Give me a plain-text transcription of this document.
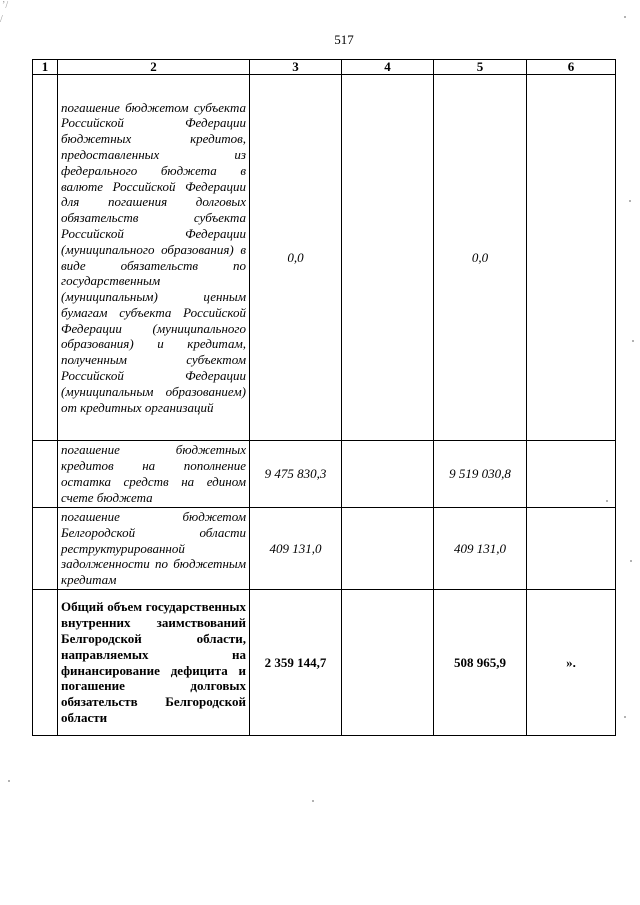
517
ʼ/
/
1	2	3	4	5	6
	погашение бюджетом субъекта Российской Федерации бюджетных кредитов, предоставленных из федерального бюджета в валюте Российской Федерации для погашения долговых обязательств субъекта Российской Федерации (муниципального образования) в виде обязательств по государственным (муниципальным) ценным бумагам субъекта Российской Федерации (муниципального образования) и кредитам, полученным субъектом Российской Федерации (муниципальным образованием) от кредитных организаций	0,0		0,0	
	погашение бюджетных кредитов на пополнение остатка средств на едином счете бюджета	9 475 830,3		9 519 030,8	
	погашение бюджетом Белгородской области реструктурированной задолженности по бюджетным кредитам	409 131,0		409 131,0	
	Общий объем государственных внутренних заимствований Белгородской области, направляемых на финансирование дефицита и погашение долговых обязательств Белгородской области	2 359 144,7		508 965,9	».
